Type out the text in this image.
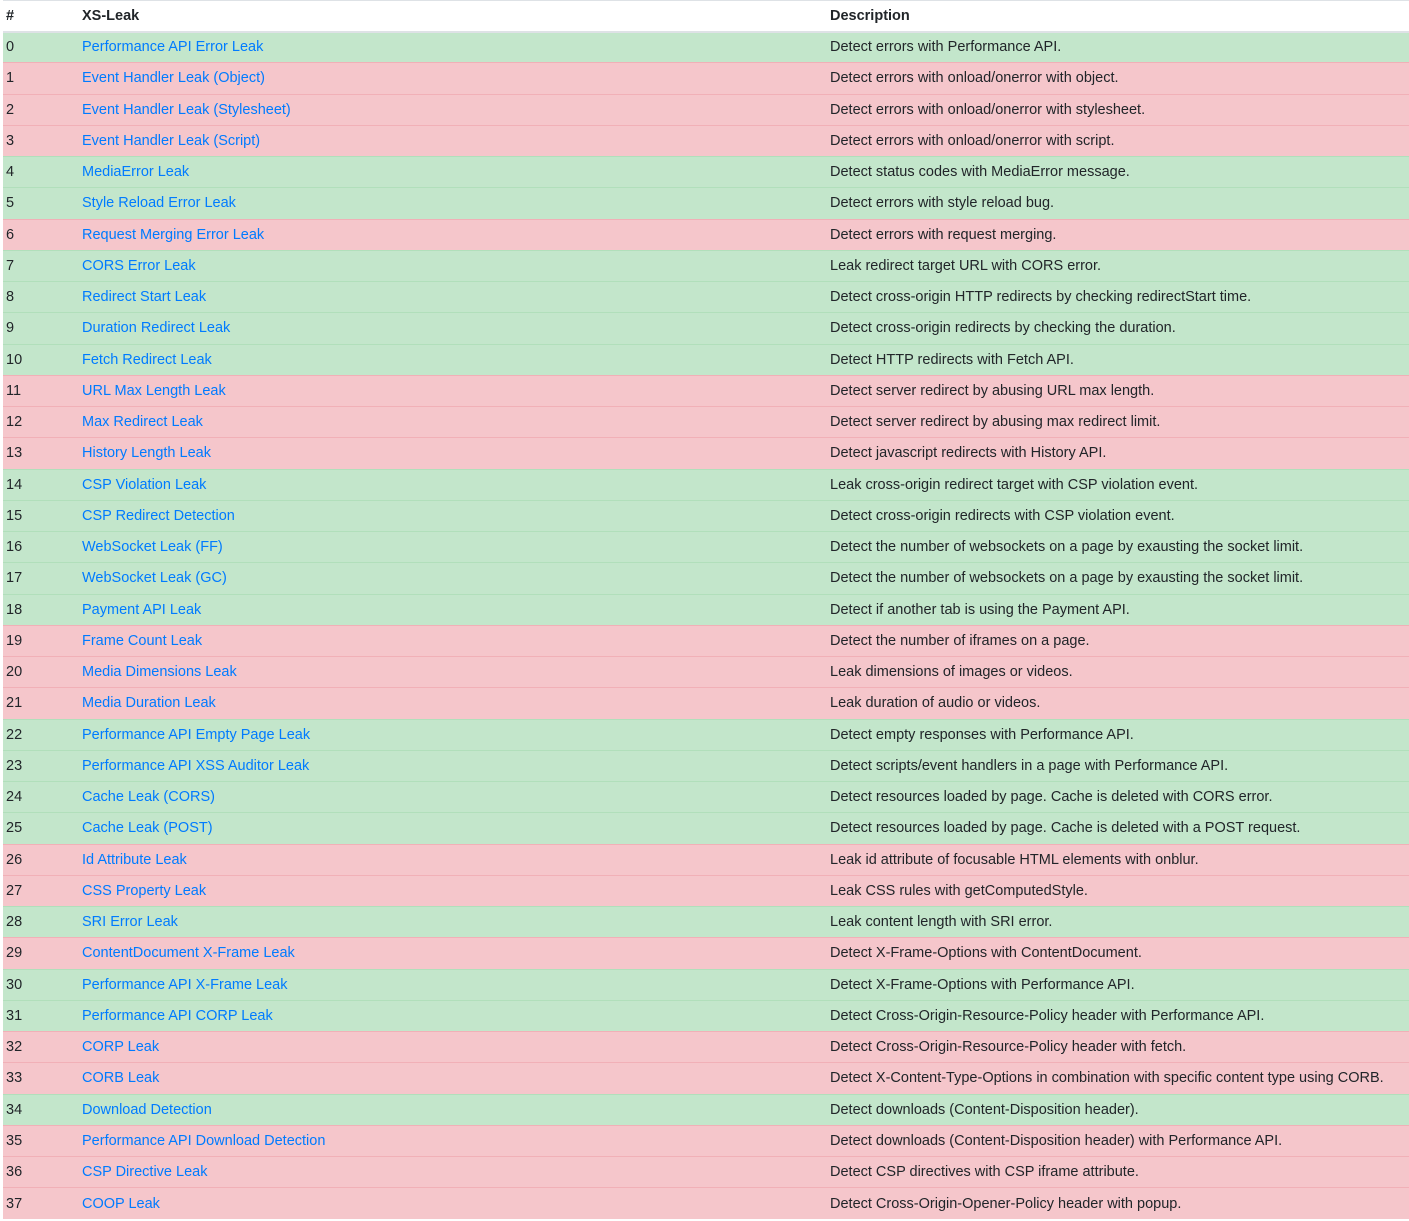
#	XS-Leak	Description
0	Performance API Error Leak	Detect errors with Performance API.
1	Event Handler Leak (Object)	Detect errors with onload/onerror with object.
2	Event Handler Leak (Stylesheet)	Detect errors with onload/onerror with stylesheet.
3	Event Handler Leak (Script)	Detect errors with onload/onerror with script.
4	MediaError Leak	Detect status codes with MediaError message.
5	Style Reload Error Leak	Detect errors with style reload bug.
6	Request Merging Error Leak	Detect errors with request merging.
7	CORS Error Leak	Leak redirect target URL with CORS error.
8	Redirect Start Leak	Detect cross-origin HTTP redirects by checking redirectStart time.
9	Duration Redirect Leak	Detect cross-origin redirects by checking the duration.
10	Fetch Redirect Leak	Detect HTTP redirects with Fetch API.
11	URL Max Length Leak	Detect server redirect by abusing URL max length.
12	Max Redirect Leak	Detect server redirect by abusing max redirect limit.
13	History Length Leak	Detect javascript redirects with History API.
14	CSP Violation Leak	Leak cross-origin redirect target with CSP violation event.
15	CSP Redirect Detection	Detect cross-origin redirects with CSP violation event.
16	WebSocket Leak (FF)	Detect the number of websockets on a page by exausting the socket limit.
17	WebSocket Leak (GC)	Detect the number of websockets on a page by exausting the socket limit.
18	Payment API Leak	Detect if another tab is using the Payment API.
19	Frame Count Leak	Detect the number of iframes on a page.
20	Media Dimensions Leak	Leak dimensions of images or videos.
21	Media Duration Leak	Leak duration of audio or videos.
22	Performance API Empty Page Leak	Detect empty responses with Performance API.
23	Performance API XSS Auditor Leak	Detect scripts/event handlers in a page with Performance API.
24	Cache Leak (CORS)	Detect resources loaded by page. Cache is deleted with CORS error.
25	Cache Leak (POST)	Detect resources loaded by page. Cache is deleted with a POST request.
26	Id Attribute Leak	Leak id attribute of focusable HTML elements with onblur.
27	CSS Property Leak	Leak CSS rules with getComputedStyle.
28	SRI Error Leak	Leak content length with SRI error.
29	ContentDocument X-Frame Leak	Detect X-Frame-Options with ContentDocument.
30	Performance API X-Frame Leak	Detect X-Frame-Options with Performance API.
31	Performance API CORP Leak	Detect Cross-Origin-Resource-Policy header with Performance API.
32	CORP Leak	Detect Cross-Origin-Resource-Policy header with fetch.
33	CORB Leak	Detect X-Content-Type-Options in combination with specific content type using CORB.
34	Download Detection	Detect downloads (Content-Disposition header).
35	Performance API Download Detection	Detect downloads (Content-Disposition header) with Performance API.
36	CSP Directive Leak	Detect CSP directives with CSP iframe attribute.
37	COOP Leak	Detect Cross-Origin-Opener-Policy header with popup.
